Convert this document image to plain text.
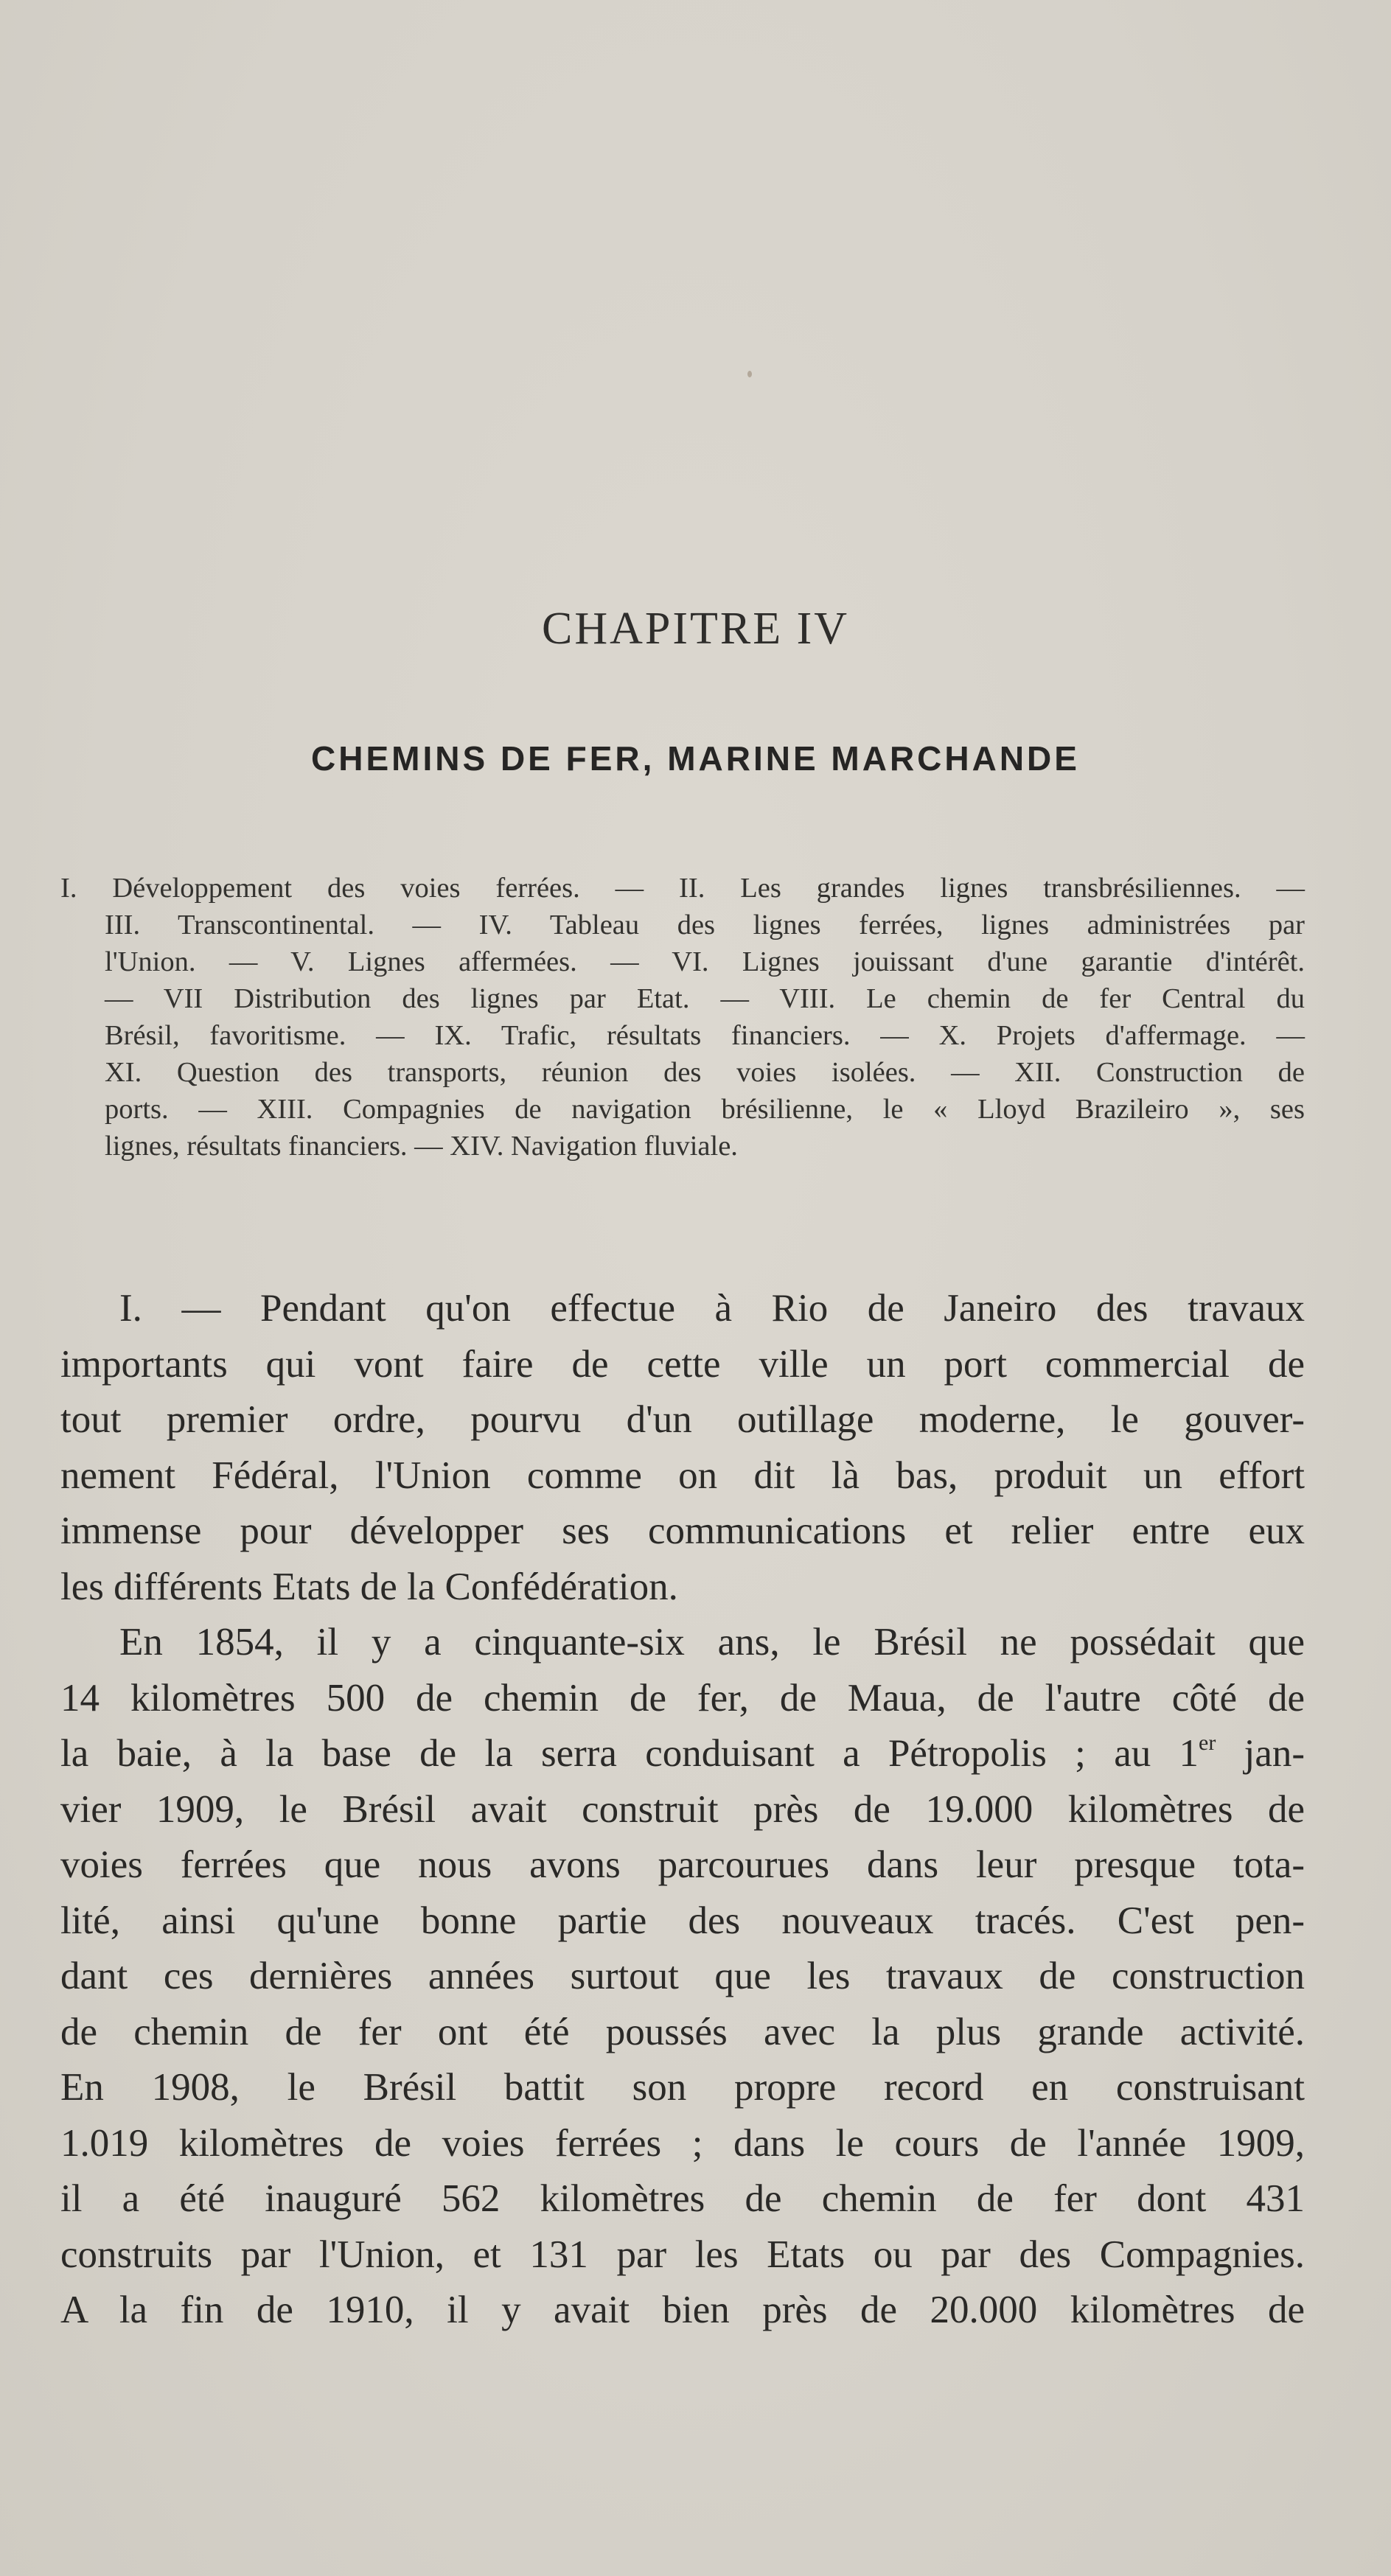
CHAPITRE IV
CHEMINS DE FER, MARINE MARCHANDE
I. Développement des voies ferrées. — II. Les grandes lignes transbrésiliennes. —
III. Transcontinental. — IV. Tableau des lignes ferrées, lignes administrées par
l'Union. — V. Lignes affermées. — VI. Lignes jouissant d'une garantie d'intérêt.
— VII Distribution des lignes par Etat. — VIII. Le chemin de fer Central du
Brésil, favoritisme. — IX. Trafic, résultats financiers. — X. Projets d'affermage. —
XI. Question des transports, réunion des voies isolées. — XII. Construction de
ports. — XIII. Compagnies de navigation brésilienne, le « Lloyd Brazileiro », ses
lignes, résultats financiers. — XIV. Navigation fluviale.
I. — Pendant qu'on effectue à Rio de Janeiro des travaux
importants qui vont faire de cette ville un port commercial de
tout premier ordre, pourvu d'un outillage moderne, le gouver-
nement Fédéral, l'Union comme on dit là bas, produit un effort
immense pour développer ses communications et relier entre eux
les différents Etats de la Confédération.
En 1854, il y a cinquante-six ans, le Brésil ne possédait que
14 kilomètres 500 de chemin de fer, de Maua, de l'autre côté de
la baie, à la base de la serra conduisant a Pétropolis ; au 1er jan-
vier 1909, le Brésil avait construit près de 19.000 kilomètres de
voies ferrées que nous avons parcourues dans leur presque tota-
lité, ainsi qu'une bonne partie des nouveaux tracés. C'est pen-
dant ces dernières années surtout que les travaux de construction
de chemin de fer ont été poussés avec la plus grande activité.
En 1908, le Brésil battit son propre record en construisant
1.019 kilomètres de voies ferrées ; dans le cours de l'année 1909,
il a été inauguré 562 kilomètres de chemin de fer dont 431
construits par l'Union, et 131 par les Etats ou par des Compagnies.
A la fin de 1910, il y avait bien près de 20.000 kilomètres de
